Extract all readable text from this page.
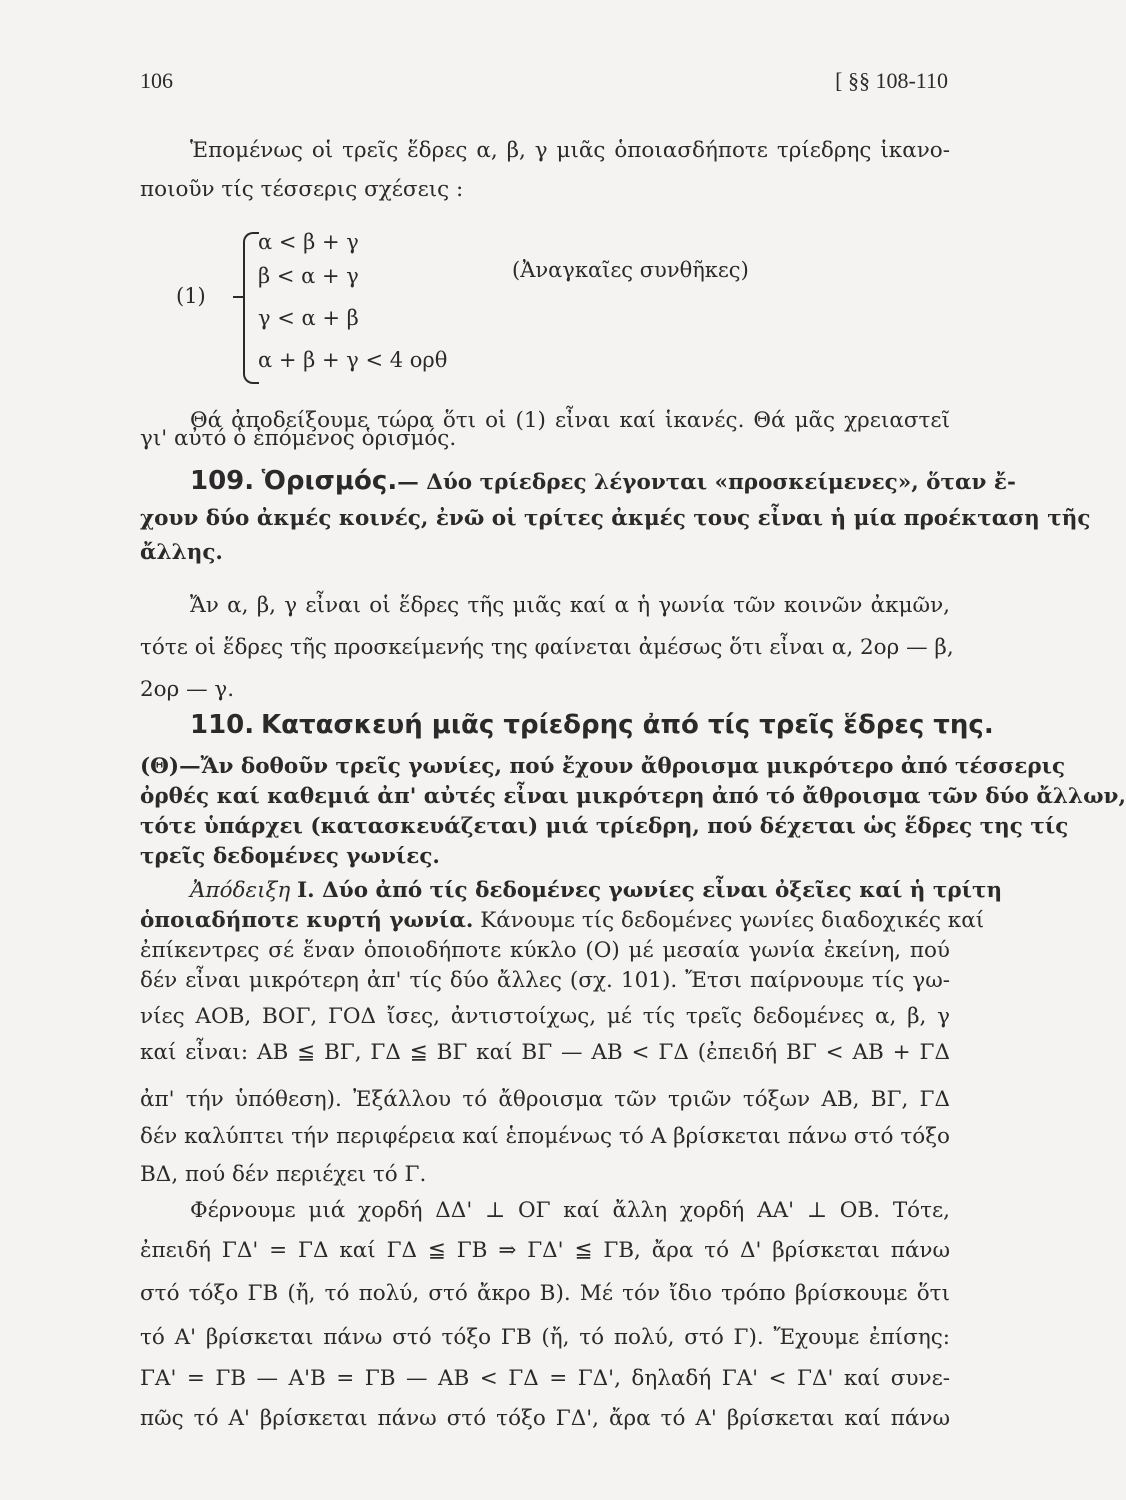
106	[ §§ 108-110
Ἑπομένως οἱ τρεῖς ἕδρες α, β, γ μιᾶς ὁποιασδήποτε τρίεδρης ἱκανο-
ποιοῦν τίς τέσσερις σχέσεις :
(1)
α < β + γ
β < α + γ
γ < α + β
α + β + γ < 4 ορθ
(Ἀναγκαῖες συνθῆκες)
Θά ἀποδείξουμε τώρα ὅτι οἱ (1) εἶναι καί ἱκανές. Θά μᾶς χρειαστεῖ
γι' αὐτό ὁ ἑπόμενος ὁρισμός.
109. Ὁρισμός.— Δύο τρίεδρες λέγονται «προσκείμενες», ὅταν ἔ-
χουν δύο ἀκμές κοινές, ἐνῶ οἱ τρίτες ἀκμές τους εἶναι ἡ μία προέκταση τῆς
ἄλλης.
Ἄν α, β, γ εἶναι οἱ ἕδρες τῆς μιᾶς καί α ἡ γωνία τῶν κοινῶν ἀκμῶν,
τότε οἱ ἕδρες τῆς προσκείμενής της φαίνεται ἀμέσως ὅτι εἶναι α, 2ορ — β,
2ορ — γ.
110. Κατασκευή μιᾶς τρίεδρης ἀπό τίς τρεῖς ἕδρες της.
(Θ)—Ἄν δοθοῦν τρεῖς γωνίες, πού ἔχουν ἄθροισμα μικρότερο ἀπό τέσσερις
ὀρθές καί καθεμιά ἀπ' αὐτές εἶναι μικρότερη ἀπό τό ἄθροισμα τῶν δύο ἄλλων,
τότε ὑπάρχει (κατασκευάζεται) μιά τρίεδρη, πού δέχεται ὡς ἕδρες της τίς
τρεῖς δεδομένες γωνίες.
Ἀπόδειξη Ι. Δύο ἀπό τίς δεδομένες γωνίες εἶναι ὀξεῖες καί ἡ τρίτη
ὁποιαδήποτε κυρτή γωνία. Κάνουμε τίς δεδομένες γωνίες διαδοχικές καί
ἐπίκεντρες σέ ἕναν ὁποιοδήποτε κύκλο (Ο) μέ μεσαία γωνία ἐκείνη, πού
δέν εἶναι μικρότερη ἀπ' τίς δύο ἄλλες (σχ. 101). Ἔτσι παίρνουμε τίς γω-
νίες ΑΟΒ, ΒΟΓ, ΓΟΔ ἴσες, ἀντιστοίχως, μέ τίς τρεῖς δεδομένες α, β, γ
καί εἶναι: ΑΒ ≦ ΒΓ, ΓΔ ≦ ΒΓ καί ΒΓ — ΑΒ < ΓΔ (ἐπειδή ΒΓ < ΑΒ + ΓΔ
ἀπ' τήν ὑπόθεση). Ἐξάλλου τό ἄθροισμα τῶν τριῶν τόξων ΑΒ, ΒΓ, ΓΔ
δέν καλύπτει τήν περιφέρεια καί ἑπομένως τό Α βρίσκεται πάνω στό τόξο
ΒΔ, πού δέν περιέχει τό Γ.
Φέρνουμε μιά χορδή ΔΔ' ⊥ ΟΓ καί ἄλλη χορδή ΑΑ' ⊥ ΟΒ. Τότε,
ἐπειδή ΓΔ' = ΓΔ καί ΓΔ ≦ ΓΒ ⇒ ΓΔ' ≦ ΓΒ, ἄρα τό Δ' βρίσκεται πάνω
στό τόξο ΓΒ (ἤ, τό πολύ, στό ἄκρο Β). Μέ τόν ἴδιο τρόπο βρίσκουμε ὅτι
τό Α' βρίσκεται πάνω στό τόξο ΓΒ (ἤ, τό πολύ, στό Γ). Ἔχουμε ἐπίσης:
ΓΑ' = ΓΒ — Α'Β = ΓΒ — ΑΒ < ΓΔ = ΓΔ', δηλαδή ΓΑ' < ΓΔ' καί συνε-
πῶς τό Α' βρίσκεται πάνω στό τόξο ΓΔ', ἄρα τό Α' βρίσκεται καί πάνω
